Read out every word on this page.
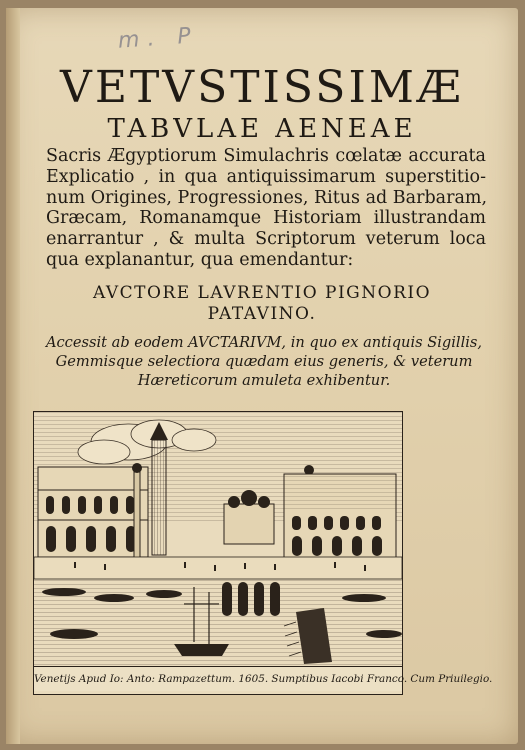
m. P
VETVSTISSIMÆ
TABVLAE AENEAE
Sacris Ægyptiorum Simulachris cœlatæ accurata
Explicatio , in qua antiquissimarum superstitio-
num Origines, Progressiones, Ritus ad Barbaram,
Græcam, Romanamque Historiam illustrandam
enarrantur , & multa Scriptorum veterum loca
qua explanantur, qua emendantur:
AVCTORE LAVRENTIO PIGNORIO
PATAVINO.
Accessit ab eodem AVCTARIVM, in quo ex antiquis Sigillis,
Gemmisque selectiora quædam eius generis, & veterum
Hæreticorum amuleta exhibentur.
Venetijs Apud Io: Anto: Rampazettum. 1605. Sumptibus Iacobi Franco. Cum Priuilegio.
